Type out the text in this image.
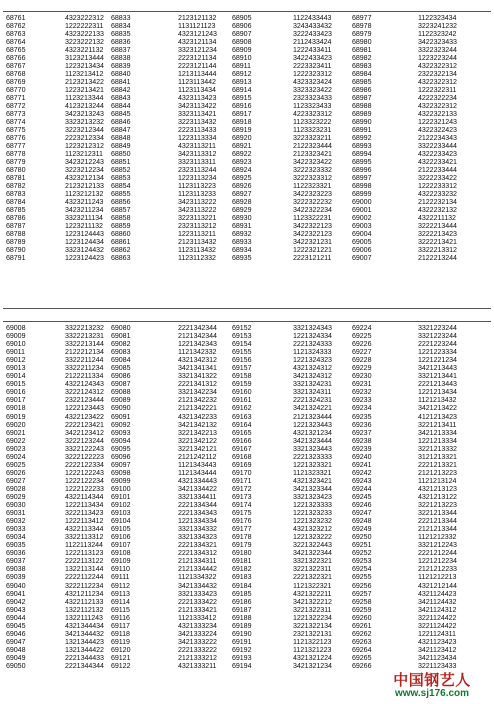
68761	4323222312 68833	2123121132 68905	1122433443	68977	1122323434
68762	1222222311 68834	1131121123 68906	3243433432	68978	3223241232
68763	4323222133 68835	4323121243 68907	3222433423	68979	1122323242
68764	3223222132 68836	4323121134 68908	2112433424	68980	3422323433
68765	4323221132 68837	3323121234 68909	1222433411	68981	3322323244
68766	3123213444 68838	2223121134 68910	3422433423	68982	1223223244
68767	1223213434 68839	2223121144 68911	2223323411	68983	4322322312
68768	1123213412 68840	1213113444 68912	1222323312	68984	2322322134
68769	2123213422 68841	1123113442 68913	4323323424	68985	4322322312
68770	1223213421 68842	1123113434 68914	3323323422	68986	1222322311
68771	1123213344 68843	4323113423 68915	2323323433	68987	4222322234
68772	4123213244 68844	3423113422 68916	1123323433	68988	4322322312
68773	3423213243 68845	3323113421 68917	4223323312	68989	4322322133
68774	3323213232 68846	3223113432 68918	1123323222	68990	1222321243
68775	3223212344 68847	2223113433 68919	1123323231	68991	4322322423
68776	2223212334 68848	1223113334 68920	3223323211	68992	2122234343
68777	1223212312 68849	4323113211 68921	2122323444	68993	3322233444
68778	1123212311 68850	3423113312 68922	2123323421	68994	4322233423
68779	3423212243 68851	3323113311 68923	3422323422	68995	4322233421
68780	3223212234 68852	2323113244 68924	3222323332	68996	2122233444
68781	4323212134 68853	1223113234 68925	3222323312	68997	3222233422
68782	2123212133 68854	1123113223 68926	1122323321	68998	1222233312
68783	1123212132 68855	1123113233 68927	3422323223	68999	4322233232
68784	4323211243 68856	3423113222 68928	3222322232	69000	2122232134
68785	3423211234 68857	3423113222 68929	3422322234	69001	4322232132
68786	3323211134 68858	3223113221 68930	1123322231	69002	4322211132
68787	1223211132 68859	2323113212 68931	3422322123	69003	3222213444
68788	1223124443 68860	1223113211 68932	3422322123	69004	3222213423
68789	1223124434 68861	2123113432 68933	3422321231	69005	3222213421
68790	3323124432 68862	1123113432 68934	1222321221	69006	3322213312
68791	1223124423 68863	1123112332 68935	2223121211	69007	2122213244
69008	3322213232 69080	2221342344 69152	3321324343	69224	3321223244
69009	3322213231 69081	2121342344 69153	1221324334	69225	3321223244
69010	3322213144 69082	1221342343 69154	2221324333	69226	2221223244
69011	2122212134 69083	1121342332 69155	1121324333	69227	1221223334
69012	3322211244 69084	4321342312 69156	1221324323	69228	1221221234
69013	3322211234 69085	3421341341 69157	4321324312	69229	3421213443
69014	2122211334 69086	3321341322 69158	3421324312	69230	3321213441
69015	4322124343 69087	2221341312 69159	3321324231	69231	2221213443
69016	3222124312 69088	3321342234 69160	3321324311	69232	1221213434
69017	2322123444 69089	2121342232 69161	2221324231	69233	1121213432
69018	1222123443 69090	2121342221 69162	3421324221	69234	3421213422
69019	4322123422 69091	4321342233 69163	2121323444	69235	4121213423
69020	2222123421 69092	3421342132 69164	1221323443	69236	3221213411
69021	3422123412 69093	3221342213 69165	4321321234	69237	3421213334
69022	3222123244 69094	3221342122 69166	3421323444	69238	1221213334
69023	3322122243 69095	3221342121 69167	3321323443	69239	3221213332
69024	3222122223 69096	2121242112 69168	2221323333	69240	3121213321
69025	2222122334 69097	1121343443 69169	1221323321	69241	2221213321
69026	1222122243 69098	1121343444 69170	1121323321	69242	2121213223
69027	1222122234 69099	4321334443 69171	4321323421	69243	1121213124
69028	1222122233 69100	3421334422 69172	3421323344	69244	4321213123
69029	4322114344 69101	3321334411 69173	3321323423	69245	4321213122
69030	1222113434 69102	2221334344 69174	1221323333	69246	3221213223
69031	3222113423 69103	2221334343 69175	1221323233	69247	3221213344
69032	1222113412 69104	1221334334 69176	1221323232	69248	2221213344
69033	4322113344 69105	3321334332 69177	4321323212	69249	2121213344
69034	3322113312 69106	3321334323 69178	1221323222	69250	1121212332
69035	1122113244 69107	2221334321 69179	3221322443	69251	3321212243
69036	1222113123 69108	2221334312 69180	3421322344	69252	2221212244
69037	2222113122 69109	2121334311 69181	3321322321	69253	1221212234
69038	1322113144 69110	2121334442 69182	3221322311	69254	2121212233
69039	2222112244 69111	1121334322 69183	2221322321	69255	1121212213
69040	3222112234 69112	3421334432 69184	1121322321	69256	4321212144
69041	4321211234 69113	3321333423 69185	4321322211	69257	4321124423
69042	4322112133 69114	2221333422 69186	3421322212	69258	3421124432
69043	1322112132 69115	2121333421 69187	3221322311	69259	3421124312
69044	1322111243 69116	1121333412 69188	1221322234	69260	3221124422
69045	4321344434 69117	4321333234 69189	3221322134	69261	3221124422
69046	3421344432 69118	3421333224 69190	2321322131	69262	1221124311
69047	1321344423 69119	3421333222 69191	1121322123	69263	4321123423
69048	1321344422 69120	2221333222 69192	1121321223	69264	3421123412
69049	2221344433 69121	2121333212 69193	4321321224	69265	3421123434
69050	2221344344 69122	4321333211 69194	3421321234	69266	3221123433
中国钢艺人
www.sj176.com
